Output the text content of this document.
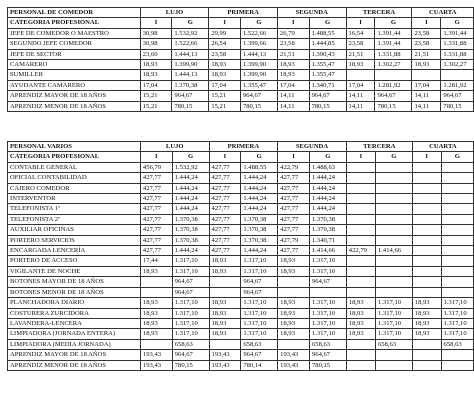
PERSONAL DE COMEDOR	LUJO		PRIMERA		SEGUNDA		TERCERA		CUARTA	
CATEGORIA PROFESIONAL	I	G	I	G	I	G	I	G	I	G
JEFE DE COMEDOR O MAESTRO	30,98	1.532,92	29,99	1.522,66	26,79	1.488,55	16,54	1.391,44	23,58	1.391,44
SEGUNDO JEFE COMEDOR	30,98	1.522,66	26,54	1.399,66	23,58	1.444,85	23,58	1.391,44	23,58	1.331,88
JEFE DE SECTOR	23,60	1.444,13	23,58	1.444,13	21,51	1.390,43	21,51	1.331,88	21,51	1.331,88
CAMARERO	18,93	1.399,90	18,93	1.399,90	18,93	1.355,47	18,93	1.302,27	18,93	1.302,27
SUMILLER	18,93	1.444,13	18,93	1.399,90	18,93	1.355,47				
AYUDANTE CAMARERO	17,04	1.370,38	17,04	1.355,47	17,04	1.340,71	17,04	1.281,92	17,04	1.281,92
APRENDIZ MAYOR DE 18 AÑOS	15,21	964,67	15,21	964,67	14,11	964,67	14,11	964,67	14,11	964,67
APRENDIZ MENOR DE 18 AÑOS	15,21	780,15	15,21	780,15	14,11	780,15	14,11	780,15	14,11	780,15
PERSONAL VARIOS	LUJO		PRIMERA		SEGUNDA		TERCERA		CUARTA	
CATEGORIA PROFESIONAL	I	G	I	G	I	G	I	G	I	G
CONTABLE GENERAL	456,79	1.532,92	427,77	1.488,55	422,79	1.488,63				
OFICIAL CONTABILIDAD	427,77	1.444,24	427,77	1.444,24	427,77	1.444,24				
CAJERO COMEDOR	427,77	1.444,24	427,77	1.444,24	427,77	1.444,24				
INTERVENTOR	427,77	1.444,24	427,77	1.444,24	427,77	1.444,24				
TELEFONISTA 1ª	427,77	1.444,24	427,77	1.444,24	427,77	1.444,24				
TELEFONISTA 2ª	427,77	1.370,38	427,77	1.370,38	427,77	1.370,38				
AUXILIAR OFICINAS	427,77	1.370,38	427,77	1.370,38	427,77	1.370,38				
PORTERO SERVICIOS	427,77	1.370,38	427,77	1.370,38	427,79	1.340,71				
ENCARGADA LENCERÍA	427,77	1.444,24	427,77	1.444,24	427,77	1.414,66	422,79	1.414,66		
PORTERO DE ACCESO	17,44	1.317,10	18,93	1.317,10	18,93	1.317,10				
VIGILANTE DE NOCHE	18,93	1.317,10	18,93	1.317,10	18,93	1.317,10				
BOTONES MAYOR DE 18 AÑOS		964,67		964,67		964,67				
BOTONES MENOR DE 18 AÑOS		964,67		964,67						
PLANCHADORA DIARIO	18,93	1.317,10	18,93	1.317,10	18,93	1.317,10	18,93	1.317,10	18,93	1.317,10
COSTURERA ZURCIDORA	18,93	1.317,10	18,93	1.317,10	18,93	1.317,10	18,93	1.317,10	18,93	1.317,10
LAVANDERA-LENCERA	18,93	1.317,10	18,93	1.317,10	18,93	1.317,10	18,93	1.317,10	18,93	1.317,10
LIMPIADORA (JORNADA ENTERA)	18,93	1.317,10	18,93	1.317,10	18,93	1.317,10	18,93	1.317,10	18,93	1.317,10
LIMPIADORA (MEDIA JORNADA)		658,63		658,63		658,63		658,63		658,63
APRENDIZ MAYOR DE 18 AÑOS	193,43	964,67	193,43	964,67	193,43	964,67				
APRENDIZ MENOR DE 18 AÑOS	193,43	780,15	193,43	780,14	193,43	780,15				
